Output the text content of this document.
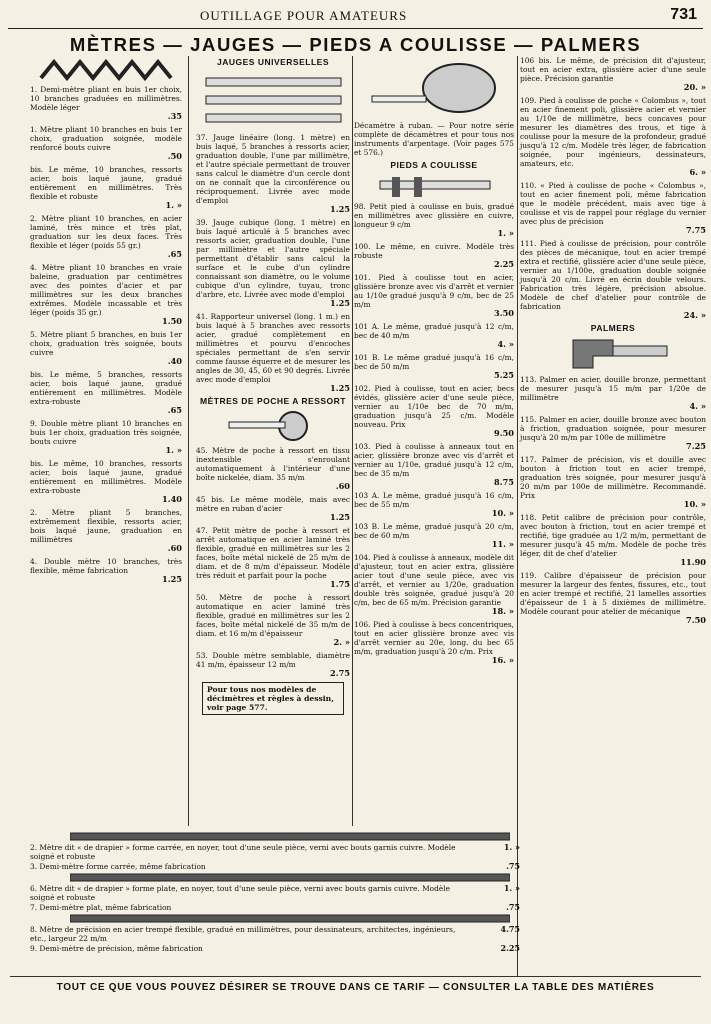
OUTILLAGE POUR AMATEURS	731
MÈTRES — JAUGES — PIEDS A COULISSE — PALMERS
1. Demi-mètre pliant en buis 1er choix, 10 branches graduées en millimètres. Modèle léger
.35
1. Mètre pliant 10 branches en buis 1er choix, graduation soignée, modèle renforcé bouts cuivre
.50
bis. Le même, 10 branches, ressorts acier, bois laqué jaune, gradué entièrement en millimètres. Très flexible et robuste
1. »
2. Mètre pliant 10 branches, en acier laminé, très mince et très plat, graduation sur les deux faces. Très flexible et léger (poids 55 gr.)
.65
4. Mètre pliant 10 branches en vraie baleine, graduation par centimètres avec des pointes d'acier et par millimètres sur les deux branches extrêmes. Modèle incassable et très léger (poids 35 gr.)
1.50
5. Mètre pliant 5 branches, en buis 1er choix, graduation très soignée, bouts cuivre
.40
bis. Le même, 5 branches, ressorts acier, bois laqué jaune, gradué entièrement en millimètres. Modèle extra-robuste
.65
9. Double mètre pliant 10 branches en buis 1er choix, graduation très soignée, bouts cuivre
1. »
bis. Le même, 10 branches, ressorts acier, bois laqué jaune, gradué entièrement en millimètres. Modèle extra-robuste
1.40
2. Mètre pliant 5 branches, extrêmement flexible, ressorts acier, bois laqué jaune, graduation en millimètres
.60
4. Double mètre 10 branches, très flexible, même fabrication
1.25
JAUGES UNIVERSELLES
37. Jauge linéaire (long. 1 mètre) en buis laqué, 5 branches à ressorts acier, graduation double, l'une par millimètre, et l'autre spéciale permettant de trouver sans calcul le diamètre d'un cercle dont on ne connaît que la circonférence ou réciproquement. Livrée avec mode d'emploi
1.25
39. Jauge cubique (long. 1 mètre) en buis laqué articulé à 5 branches avec ressorts acier, graduation double, l'une par millimètre et l'autre spéciale permettant d'établir sans calcul la surface et le cube d'un cylindre connaissant son diamètre, ou le volume cubique d'un cylindre, tuyau, tronc d'arbre, etc. Livrée avec mode d'emploi
1.25
41. Rapporteur universel (long. 1 m.) en buis laqué à 5 branches avec ressorts acier, gradué complètement en millimètres et pourvu d'encoches spéciales permettant de s'en servir comme fausse équerre et de mesurer les angles de 30, 45, 60 et 90 degrés. Livrée avec mode d'emploi
1.25
MÈTRES DE POCHE A RESSORT
45. Mètre de poche à ressort en tissu inextensible s'enroulant automatiquement à l'intérieur d'une boîte nickelée, diam. 35 m/m
.60
45 bis. Le même modèle, mais avec mètre en ruban d'acier
1.25
47. Petit mètre de poche à ressort et arrêt automatique en acier laminé très flexible, gradué en millimètres sur les 2 faces, boîte métal nickelé de 25 m/m de diam. et de 8 m/m d'épaisseur. Modèle très réduit et parfait pour la poche
1.75
50. Mètre de poche à ressort automatique en acier laminé très flexible, gradué en millimètres sur les 2 faces, boîte métal nickelé de 35 m/m de diam. et 16 m/m d'épaisseur
2. »
53. Double mètre semblable, diamètre 41 m/m, épaisseur 12 m/m
2.75
Pour tous nos modèles de décimètres et règles à dessin, voir page 577.
Décamètre à ruban. — Pour notre série complète de décamètres et pour tous nos instruments d'arpentage. (Voir pages 575 et 576.)
PIEDS A COULISSE
98. Petit pied à coulisse en buis, gradué en millimètres avec glissière en cuivre, longueur 9 c/m
1. »
100. Le même, en cuivre. Modèle très robuste
2.25
101. Pied à coulisse tout en acier, glissière bronze avec vis d'arrêt et vernier au 1/10e gradué jusqu'à 9 c/m, bec de 25 m/m
3.50
101 A. Le même, gradué jusqu'à 12 c/m, bec de 40 m/m
4. »
101 B. Le même gradué jusqu'à 16 c/m, bec de 50 m/m
5.25
102. Pied à coulisse, tout en acier, becs évidés, glissière acier d'une seule pièce, vernier au 1/10e bec de 70 m/m, graduation jusqu'à 25 c/m. Modèle nouveau. Prix
9.50
103. Pied à coulisse à anneaux tout en acier, glissière bronze avec vis d'arrêt et vernier au 1/10e, gradué jusqu'à 12 c/m, bec de 35 m/m
8.75
103 A. Le même, gradué jusqu'à 16 c/m, bec de 55 m/m
10. »
103 B. Le même, gradué jusqu'à 20 c/m, bec de 60 m/m
11. »
104. Pied à coulisse à anneaux, modèle dit d'ajusteur, tout en acier extra, glissière acier tout d'une seule pièce, avec vis d'arrêt, et vernier au 1/20e, graduation double très soignée, gradué jusqu'à 20 c/m, bec de 65 m/m. Précision garantie
18. »
106. Pied à coulisse à becs concentriques, tout en acier glissière bronze avec vis d'arrêt vernier au 20e, long. du bec 65 m/m, graduation jusqu'à 20 c/m. Prix
16. »
106 bis. Le même, de précision dit d'ajusteur, tout en acier extra, glissière acier d'une seule pièce. Précision garantie
20. »
109. Pied à coulisse de poche « Colombus », tout en acier finement poli, glissière acier et vernier au 1/10e de millimètre, becs concaves pour mesurer les diamètres des trous, et tige à coulisse pour la mesure de la profondeur, gradué jusqu'à 12 c/m. Modèle très léger, de fabrication soignée, pour ingénieurs, dessinateurs, amateurs, etc.
6. »
110. « Pied à coulisse de poche « Colombus », tout en acier finement poli, même fabrication que le modèle précédent, mais avec tige à coulisse et vis de rappel pour réglage du vernier avec plus de précision
7.75
111. Pied à coulisse de précision, pour contrôle des pièces de mécanique, tout en acier trempé extra et rectifié, glissière acier d'une seule pièce, vernier au 1/100e, graduation double soignée jusqu'à 20 c/m. Livré en écrin double velours. Fabrication très légère, précision absolue. Modèle de chef d'atelier pour contrôle de fabrication
24. »
PALMERS
113. Palmer en acier, douille bronze, permettant de mesurer jusqu'à 15 m/m par 1/20e de millimètre
4. »
115. Palmer en acier, douille bronze avec bouton à friction, graduation soignée, pour mesurer jusqu'à 20 m/m par 100e de millimètre
7.25
117. Palmer de précision, vis et douille avec bouton à friction tout en acier trempé, graduation très soignée, pour mesurer jusqu'à 20 m/m par 100e de millimètre. Recommandé. Prix
10. »
118. Petit calibre de précision pour contrôle, avec bouton à friction, tout en acier trempé et rectifié, tige graduée au 1/2 m/m, permettant de mesurer jusqu'à 45 m/m. Modèle de poche très léger, dit de chef d'atelier
11.90
119. Calibre d'épaisseur de précision pour mesurer la largeur des fentes, fissures, etc., tout en acier trempé et rectifié, 21 lamelles assorties d'épaisseur de 1 à 5 dixièmes de millimètre. Modèle courant pour atelier de mécanique
7.50
2. Mètre dit « de drapier » forme carrée, en noyer, tout d'une seule pièce, verni avec bouts garnis cuivre. Modèle soigné et robuste
1. »
3. Demi-mètre forme carrée, même fabrication	.75
6. Mètre dit « de drapier » forme plate, en noyer, tout d'une seule pièce, verni avec bouts garnis cuivre. Modèle soigné et robuste
1. »
7. Demi-mètre plat, même fabrication	.75
8. Mètre de précision en acier trempé flexible, gradué en millimètres, pour dessinateurs, architectes, ingénieurs, etc., largeur 22 m/m
4.75
9. Demi-mètre de précision, même fabrication	2.25
TOUT CE QUE VOUS POUVEZ DÉSIRER SE TROUVE DANS CE TARIF — CONSULTER LA TABLE DES MATIÈRES
